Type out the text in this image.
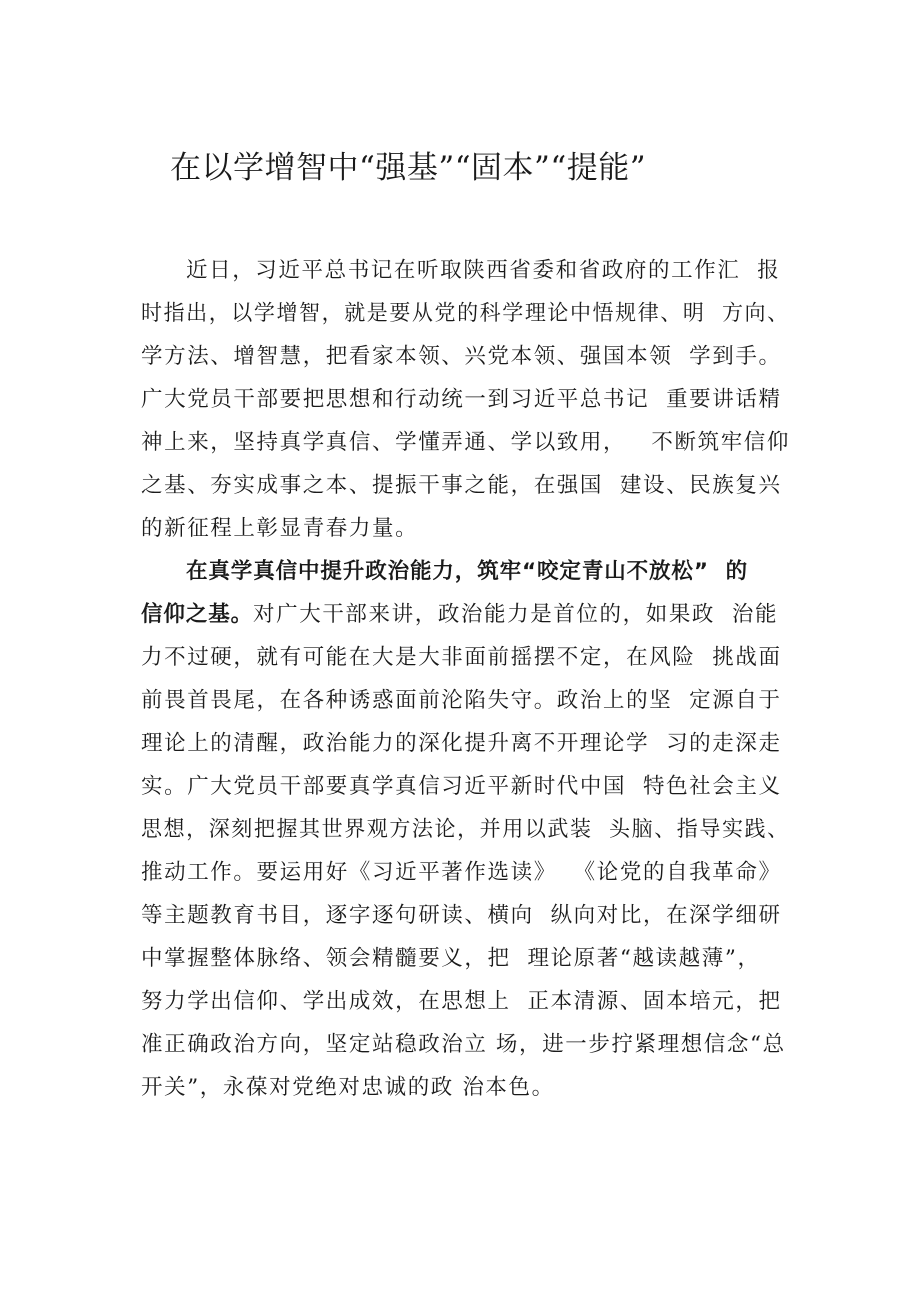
在以学增智中“强基”“固本”“提能”
近日，习近平总书记在听取陕西省委和省政府的工作汇  报
时指出，以学增智，就是要从党的科学理论中悟规律、明  方向、
学方法、增智慧，把看家本领、兴党本领、强国本领  学到手。
广大党员干部要把思想和行动统一到习近平总书记  重要讲话精
神上来，坚持真学真信、学懂弄通、学以致用，   不断筑牢信仰
之基、夯实成事之本、提振干事之能，在强国  建设、民族复兴
的新征程上彰显青春力量。
在真学真信中提升政治能力，筑牢“咬定青山不放松”  的
信仰之基。对广大干部来讲，政治能力是首位的，如果政  治能
力不过硬，就有可能在大是大非面前摇摆不定，在风险  挑战面
前畏首畏尾，在各种诱惑面前沦陷失守。政治上的坚  定源自于
理论上的清醒，政治能力的深化提升离不开理论学  习的走深走
实。广大党员干部要真学真信习近平新时代中国  特色社会主义
思想，深刻把握其世界观方法论，并用以武装  头脑、指导实践、
推动工作。要运用好《习近平著作选读》  《论党的自我革命》
等主题教育书目，逐字逐句研读、横向  纵向对比，在深学细研
中掌握整体脉络、领会精髓要义，把  理论原著“越读越薄”，
努力学出信仰、学出成效，在思想上  正本清源、固本培元，把
准正确政治方向，坚定站稳政治立 场，进一步拧紧理想信念“总
开关”，永葆对党绝对忠诚的政 治本色。
